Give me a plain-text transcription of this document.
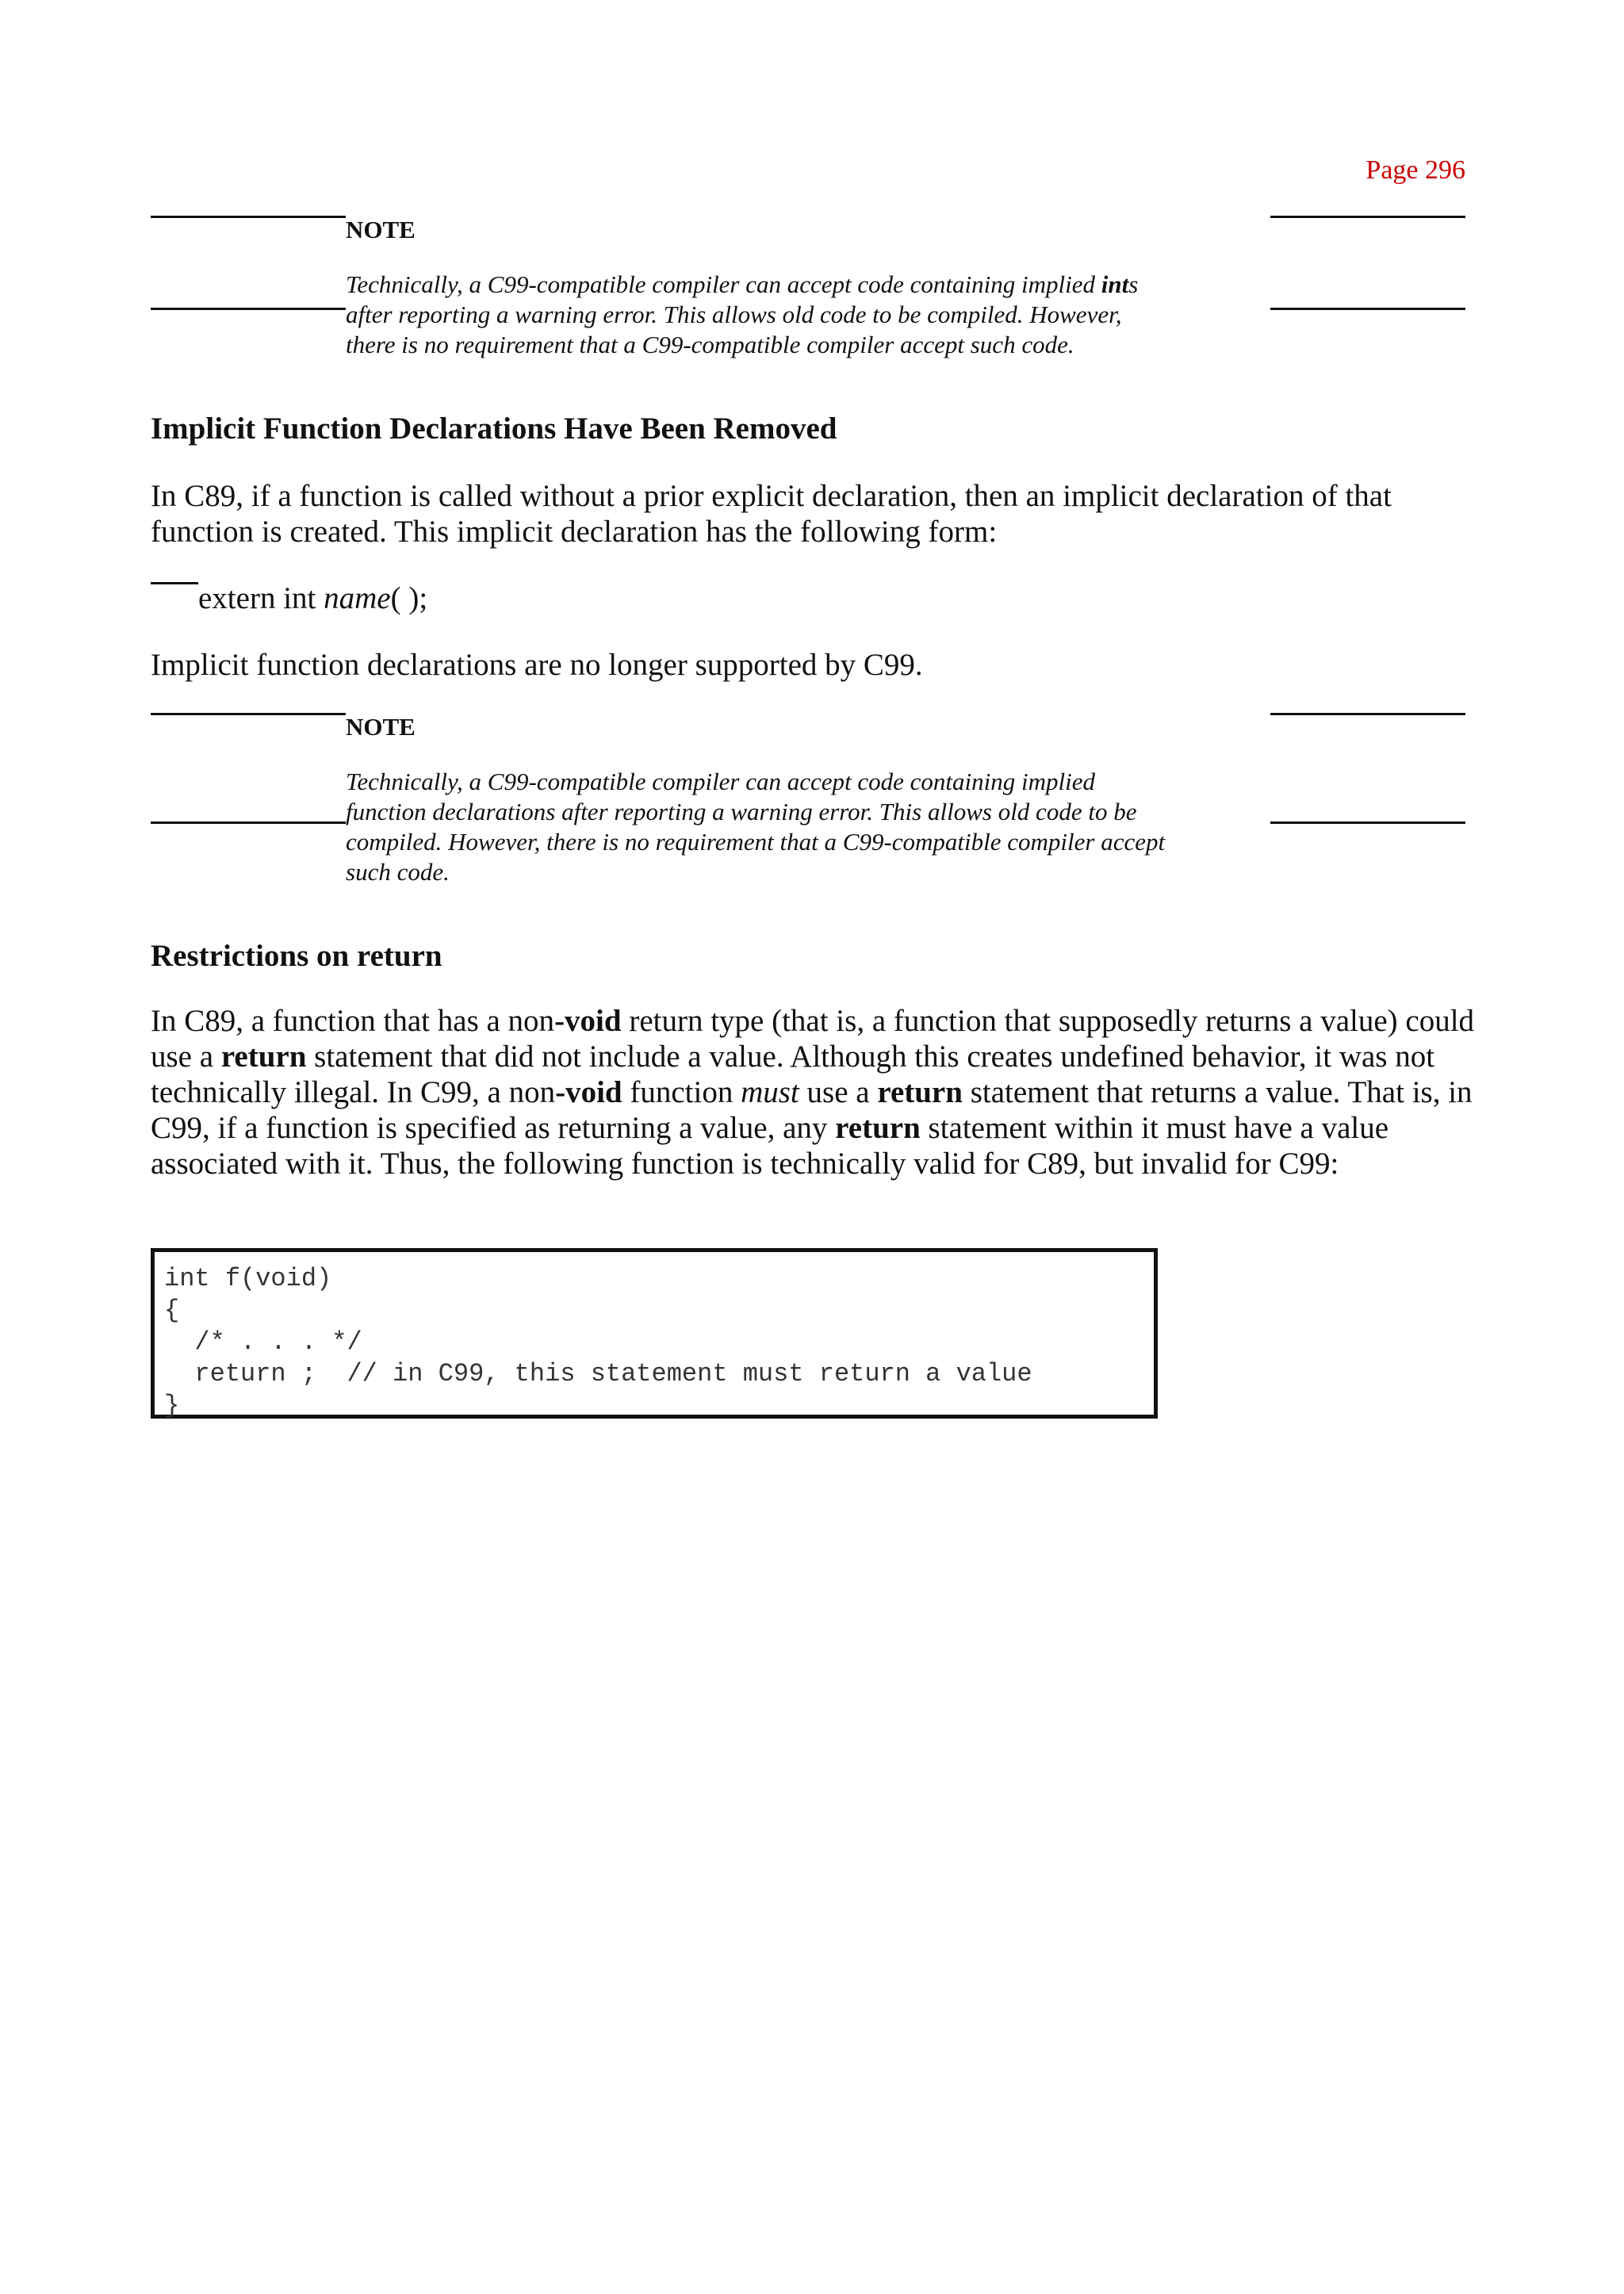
Page 296

NOTE

Technically, a C99-compatible compiler can accept code containing implied ints
after reporting a warning error. This allows old code to be compiled. However,
there is no requirement that a C99-compatible compiler accept such code.

Implicit Function Declarations Have Been Removed

In C89, if a function is called without a prior explicit declaration, then an implicit declaration of that function is created. This implicit declaration has the following form:

extern int name( );

Implicit function declarations are no longer supported by C99.

NOTE

Technically, a C99-compatible compiler can accept code containing implied
function declarations after reporting a warning error. This allows old code to be
compiled. However, there is no requirement that a C99-compatible compiler accept
such code.

Restrictions on return

In C89, a function that has a non-void return type (that is, a function that supposedly returns a value) could use a return statement that did not include a value. Although this creates undefined behavior, it was not technically illegal. In C99, a non-void function must use a return statement that returns a value. That is, in C99, if a function is specified as returning a value, any return statement within it must have a value associated with it. Thus, the following function is technically valid for C89, but invalid for C99:

int f(void)
{
/* . . . */
return ;  // in C99, this statement must return a value
}
